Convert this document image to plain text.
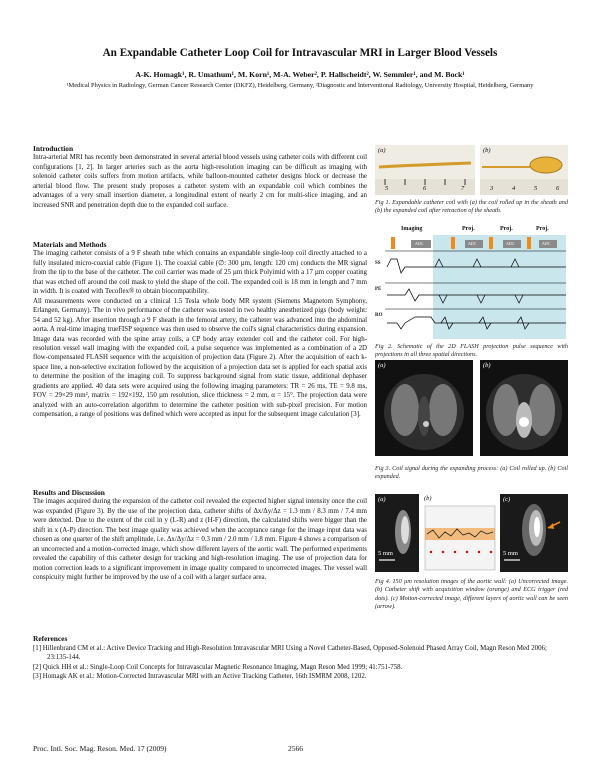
An Expandable Catheter Loop Coil for Intravascular MRI in Larger Blood Vessels
A-K. Homagk¹, R. Umathum¹, M. Korn¹, M-A. Weber², P. Hallscheidt², W. Semmler¹, and M. Bock¹
¹Medical Physics in Radiology, German Cancer Research Center (DKFZ), Heidelberg, Germany, ²Diagnostic and Interventional Radiology, University Hospital, Heidelberg, Germany

Introduction

Intra-arterial MRI has recently been demonstrated in several arterial blood vessels using catheter coils with different coil configurations [1, 2]. In larger arteries such as the aorta high-resolution imaging can be difficult as imaging with solenoid catheter coils suffers from motion artifacts, while balloon-mounted catheter designs block or decrease the arterial blood flow. The present study proposes a catheter system with an expandable coil which combines the advantages of a very small insertion diameter, a longitudinal extent of nearly 2 cm for multi-slice imaging, and an increased SNR and penetration depth due to the expanded coil surface.

Materials and Methods

The imaging catheter consists of a 9 F sheath tube which contains an expandable single-loop coil directly attached to a fully insulated micro-coaxial cable (Figure 1). The coaxial cable (∅: 300 µm, length: 120 cm) conducts the MR signal from the tip to the base of the catheter. The coil carrier was made of 25 µm thick Polyimid with a 17 µm copper coating that was etched off around the coil mask to yield the shape of the coil. The expanded coil is 18 mm in length and 7 mm in width. It is coated with Tecoflex® to obtain biocompatibility.

All measurements were conducted on a clinical 1.5 Tesla whole body MR system (Siemens Magnetom Symphony, Erlangen, Germany). The in vivo performance of the catheter was tested in two healthy anesthetized pigs (body weight: 54 and 52 kg). After insertion through a 9 F sheath in the femoral artery, the catheter was advanced into the abdominal aorta. A real-time imaging trueFISP sequence was then used to observe the coil's signal characteristics during expansion. Image data was recorded with the spine array coils, a CP body array extender coil and the catheter coil. For high-resolution vessel wall imaging with the expanded coil, a pulse sequence was implemented as a combination of a 2D flow-compensated FLASH sequence with the acquisition of projection data (Figure 2). After the acquisition of each k-space line, a non-selective excitation followed by the acquisition of a projection data set is applied for each spatial axis to determine the position of the imaging coil. To suppress background signal from static tissue, additional dephaser gradients are applied. 40 data sets were acquired using the following imaging parameters: TR = 26 ms, TE = 9.8 ms, FOV = 29×29 mm², matrix = 192×192, 150 µm resolution, slice thickness = 2 mm, α = 15°. The projection data were analyzed with an auto-correlation algorithm to determine the catheter position with sub-pixel precision. For motion compensation, a range of positions was defined which were accepted as input for the subsequent image calculation [3].

Results and Discussion

The images acquired during the expansion of the catheter coil revealed the expected higher signal intensity once the coil was expanded (Figure 3). By the use of the projection data, catheter shifts of Δx/Δy/Δz = 1.3 mm / 8.3 mm / 7.4 mm were detected. Due to the extent of the coil in y (L-R) and z (H-F) direction, the calculated shifts were bigger than the shift in x (A-P) direction. The best image quality was achieved when the acceptance range for the image input data was chosen as one quarter of the shift amplitude, i.e. Δx/Δy/Δz = 0.3 mm / 2.0 mm / 1.8 mm. Figure 4 shows a comparison of an uncorrected and a motion-corrected image, which show different layers of the aortic wall. The performed experiments revealed the capability of this catheter design for tracking and high-resolution imaging. The use of projection data for motion correction leads to a significant improvement in image quality compared to uncorrected images. The vessel wall conspicuity might further be improved by the use of a coil with a larger surface area.

(a)
5	6	7
(b)
3	4	5	6
Fig 1. Expandable catheter coil with (a) the coil rolled up in the sheath and (b) the expanded coil after retraction of the sheath.
Imaging	Proj.	Proj.	Proj.
ADC	ADC	ADC	ADC
SS
PE
RO
Fig 2. Schematic of the 2D FLASH projection pulse sequence with projections in all three spatial directions.
(a)	(b)
Fig 3. Coil signal during the expanding process: (a) Coil rolled up. (b) Coil expanded.
(a)
5 mm
(b)	(c)
5 mm
Fig 4. 150 µm resolution images of the aortic wall: (a) Uncorrected image. (b) Catheter shift with acquisition window (orange) and ECG trigger (red dots). (c) Motion-corrected image, different layers of aortic wall can be seen (arrow).

References

[1] Hillenbrand CM et al.: Active Device Tracking and High-Resolution Intravascular MRI Using a Novel Catheter-Based, Opposed-Solenoid Phased Array Coil, Magn Reson Med 2006; 23:135-144.
[2] Quick HH et al.: Single-Loop Coil Concepts for Intravascular Magnetic Resonance Imaging, Magn Reson Med 1999; 41:751-758.
[3] Homagk AK et al.: Motion-Corrected Intravascular MRI with an Active Tracking Catheter, 16th ISMRM 2008, 1202.
Proc. Intl. Soc. Mag. Reson. Med. 17 (2009)	2566
